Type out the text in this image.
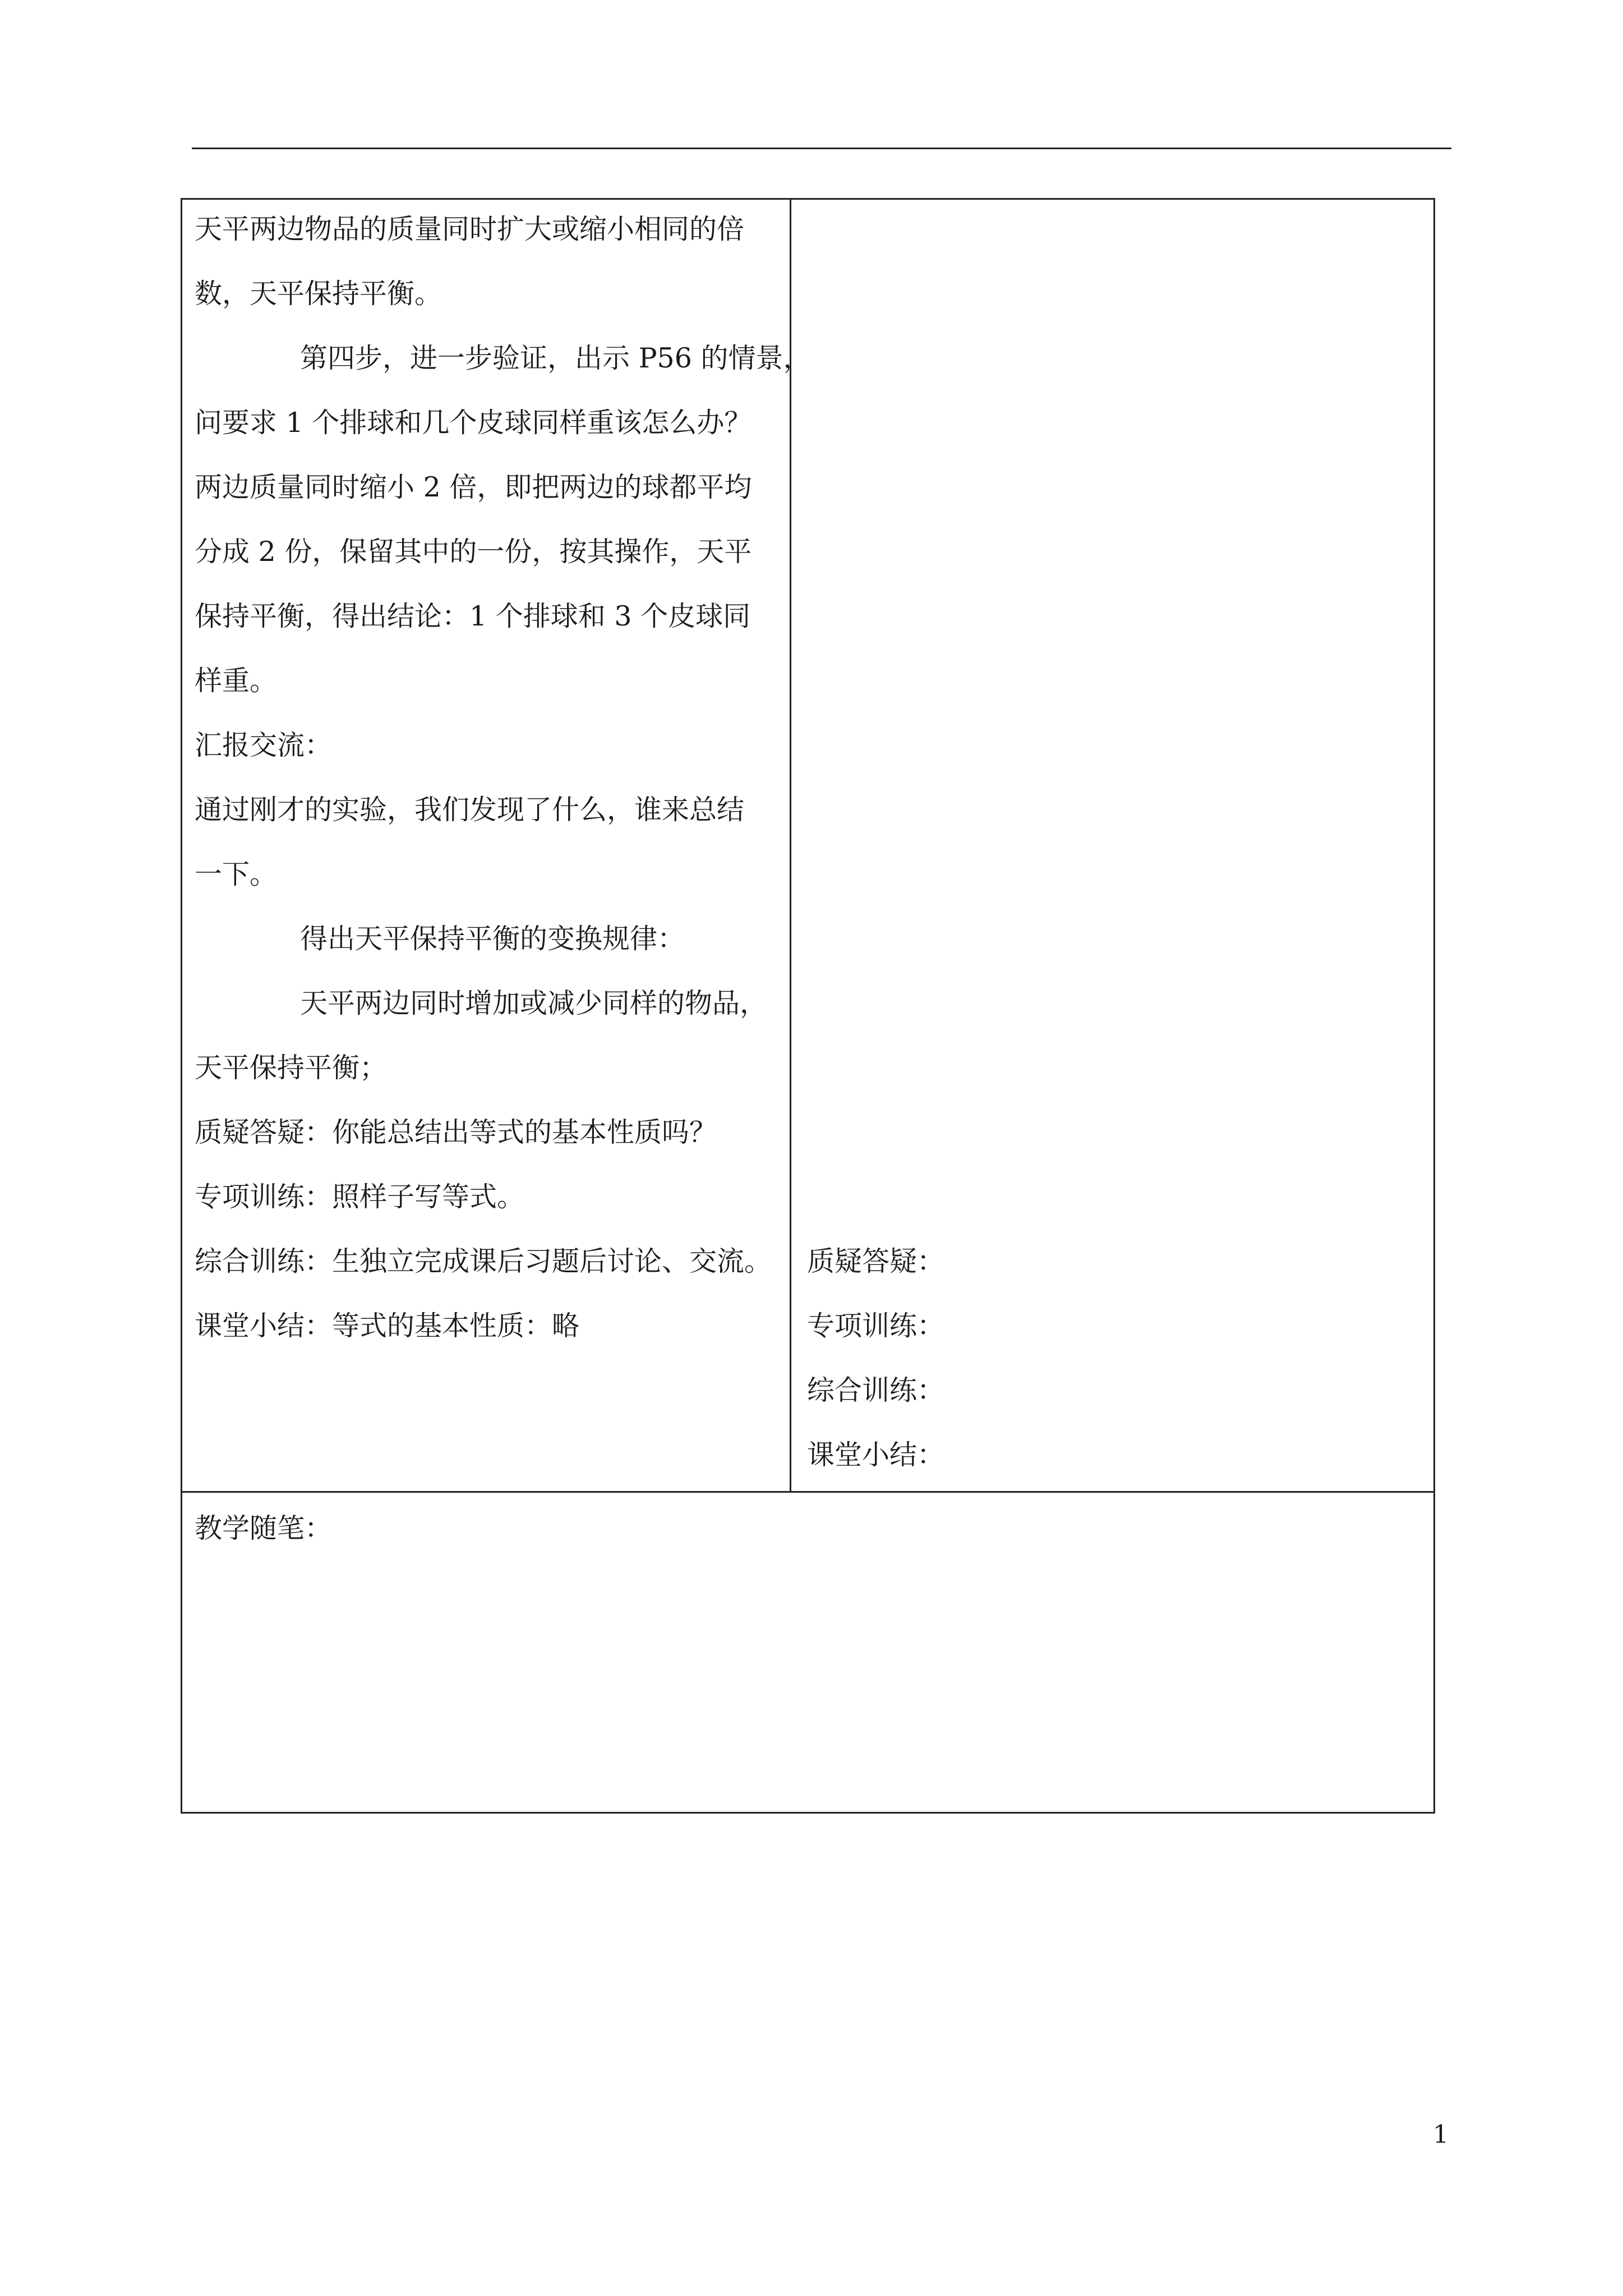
天平两边物品的质量同时扩大或缩小相同的倍
数，天平保持平衡。
第四步，进一步验证，出示 P56 的情景，
问要求 1 个排球和几个皮球同样重该怎么办？
两边质量同时缩小 2 倍，即把两边的球都平均
分成 2 份，保留其中的一份，按其操作，天平
保持平衡，得出结论：1 个排球和 3 个皮球同
样重。
汇报交流：
通过刚才的实验，我们发现了什么，谁来总结
一下。
得出天平保持平衡的变换规律：
天平两边同时增加或减少同样的物品，
天平保持平衡；
质疑答疑：你能总结出等式的基本性质吗？
专项训练：照样子写等式。
综合训练：生独立完成课后习题后讨论、交流。
课堂小结：等式的基本性质：略
质疑答疑：
专项训练：
综合训练：
课堂小结：
教学随笔：
1
